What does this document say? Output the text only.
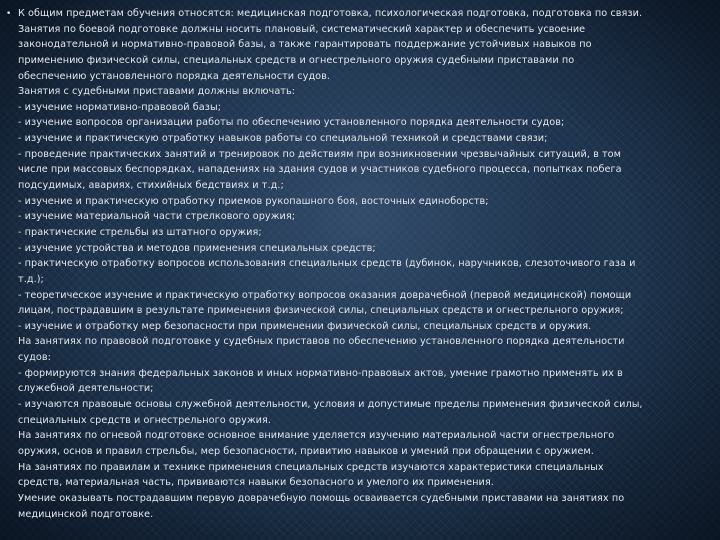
• К общим предметам обучения относятся: медицинская подготовка, психологическая подготовка, подготовка по связи.
Занятия по боевой подготовке должны носить плановый, систематический характер и обеспечить усвоение
законодательной и нормативно-правовой базы, а также гарантировать поддержание устойчивых навыков по
применению физической силы, специальных средств и огнестрельного оружия судебными приставами по
обеспечению установленного порядка деятельности судов.
Занятия с судебными приставами должны включать:
- изучение нормативно-правовой базы;
- изучение вопросов организации работы по обеспечению установленного порядка деятельности судов;
- изучение и практическую отработку навыков работы со специальной техникой и средствами связи;
- проведение практических занятий и тренировок по действиям при возникновении чрезвычайных ситуаций, в том
числе при массовых беспорядках, нападениях на здания судов и участников судебного процесса, попытках побега
подсудимых, авариях, стихийных бедствиях и т.д.;
- изучение и практическую отработку приемов рукопашного боя, восточных единоборств;
- изучение материальной части стрелкового оружия;
- практические стрельбы из штатного оружия;
- изучение устройства и методов применения специальных средств;
- практическую отработку вопросов использования специальных средств (дубинок, наручников, слезоточивого газа и
т.д.);
- теоретическое изучение и практическую отработку вопросов оказания доврачебной (первой медицинской) помощи
лицам, пострадавшим в результате применения физической силы, специальных средств и огнестрельного оружия;
- изучение и отработку мер безопасности при применении физической силы, специальных средств и оружия.
На занятиях по правовой подготовке у судебных приставов по обеспечению установленного порядка деятельности
судов:
- формируются знания федеральных законов и иных нормативно-правовых актов, умение грамотно применять их в
служебной деятельности;
- изучаются правовые основы служебной деятельности, условия и допустимые пределы применения физической силы,
специальных средств и огнестрельного оружия.
На занятиях по огневой подготовке основное внимание уделяется изучению материальной части огнестрельного
оружия, основ и правил стрельбы, мер безопасности, привитию навыков и умений при обращении с оружием.
На занятиях по правилам и технике применения специальных средств изучаются характеристики специальных
средств, материальная часть, прививаются навыки безопасного и умелого их применения.
Умение оказывать пострадавшим первую доврачебную помощь осваивается судебными приставами на занятиях по
медицинской подготовке.
